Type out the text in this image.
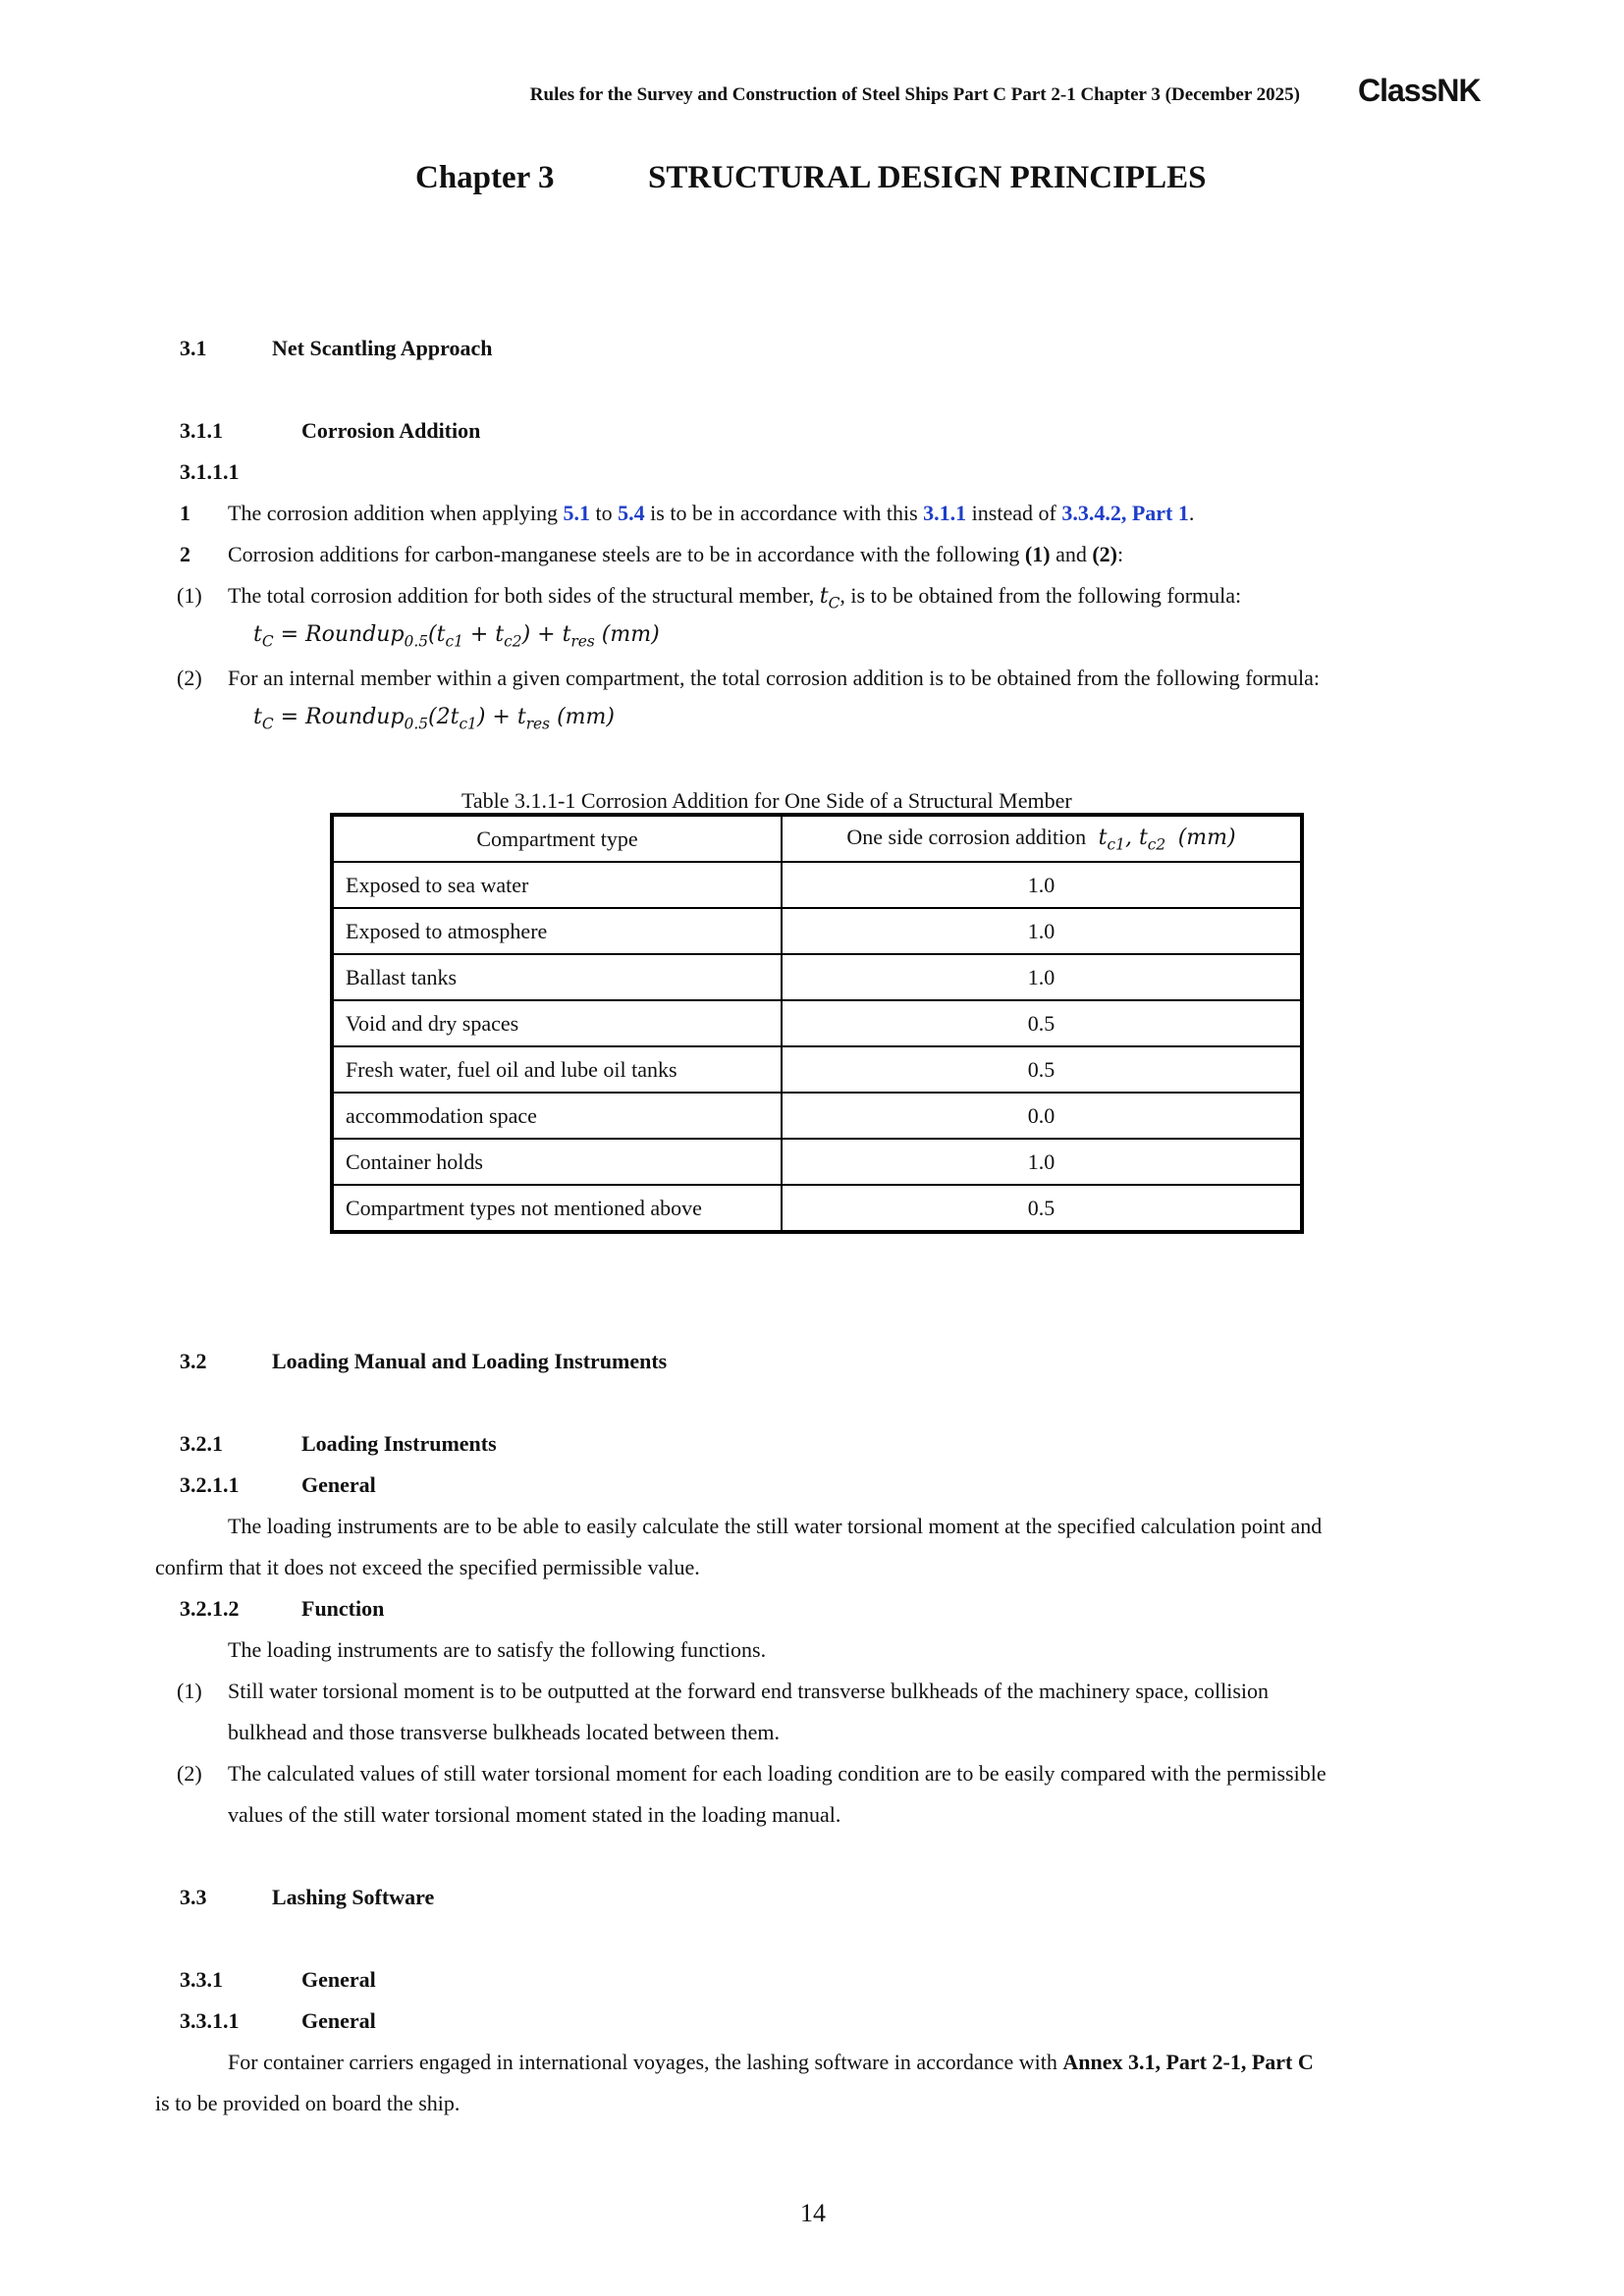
Rules for the Survey and Construction of Steel Ships Part C Part 2-1 Chapter 3 (December 2025) ClassNK
Chapter 3	STRUCTURAL DESIGN PRINCIPLES
3.1	Net Scantling Approach
3.1.1	Corrosion Addition
3.1.1.1
1 The corrosion addition when applying 5.1 to 5.4 is to be in accordance with this 3.1.1 instead of 3.3.4.2, Part 1.
2 Corrosion additions for carbon-manganese steels are to be in accordance with the following (1) and (2):
(1) The total corrosion addition for both sides of the structural member, $t_C$, is to be obtained from the following formula:
$t_C$ = $Roundup_{0.5}(t_{c1} + t_{c2}) + t_{res}$ (mm)
(2) For an internal member within a given compartment, the total corrosion addition is to be obtained from the following formula:
$t_C$ = $Roundup_{0.5}(2t_{c1}) + t_{res}$ (mm)
Table 3.1.1-1 Corrosion Addition for One Side of a Structural Member
Compartment type	One side corrosion addition  $t_{c1}$, $t_{c2}$ (mm)
Exposed to sea water	1.0
Exposed to atmosphere	1.0
Ballast tanks	1.0
Void and dry spaces	0.5
Fresh water, fuel oil and lube oil tanks	0.5
accommodation space	0.0
Container holds	1.0
Compartment types not mentioned above	0.5
3.2	Loading Manual and Loading Instruments
3.2.1	Loading Instruments
3.2.1.1	General
The loading instruments are to be able to easily calculate the still water torsional moment at the specified calculation point and
confirm that it does not exceed the specified permissible value.
3.2.1.2	Function
The loading instruments are to satisfy the following functions.
(1) Still water torsional moment is to be outputted at the forward end transverse bulkheads of the machinery space, collision
bulkhead and those transverse bulkheads located between them.
(2) The calculated values of still water torsional moment for each loading condition are to be easily compared with the permissible
values of the still water torsional moment stated in the loading manual.
3.3	Lashing Software
3.3.1	General
3.3.1.1	General
For container carriers engaged in international voyages, the lashing software in accordance with Annex 3.1, Part 2-1, Part C
is to be provided on board the ship.
14
